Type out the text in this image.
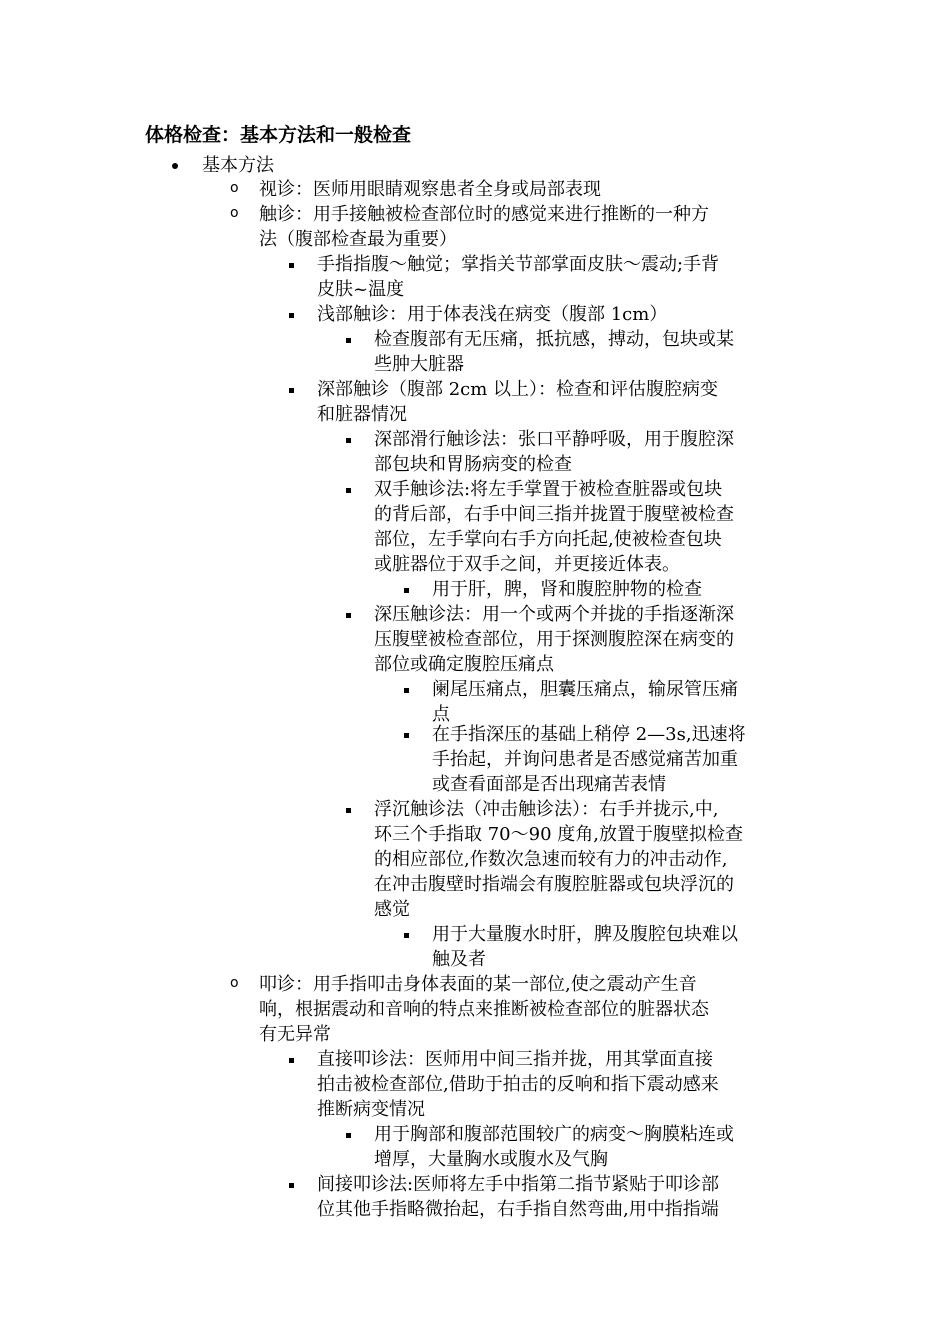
体格检查：基本方法和一般检查
基本方法
o 视诊：医师用眼睛观察患者全身或局部表现
o 触诊：用手接触被检查部位时的感觉来进行推断的一种方
法（腹部检查最为重要）
手指指腹～触觉；掌指关节部掌面皮肤～震动;手背
皮肤~温度
浅部触诊：用于体表浅在病变（腹部 1cm）
检查腹部有无压痛，抵抗感，搏动，包块或某
些肿大脏器
深部触诊（腹部 2cm 以上）：检查和评估腹腔病变
和脏器情况
深部滑行触诊法：张口平静呼吸，用于腹腔深
部包块和胃肠病变的检查
双手触诊法:将左手掌置于被检查脏器或包块
的背后部，右手中间三指并拢置于腹壁被检查
部位，左手掌向右手方向托起,使被检查包块
或脏器位于双手之间，并更接近体表。
用于肝，脾，肾和腹腔肿物的检查
深压触诊法：用一个或两个并拢的手指逐渐深
压腹壁被检查部位，用于探测腹腔深在病变的
部位或确定腹腔压痛点
阑尾压痛点，胆囊压痛点，输尿管压痛
点
在手指深压的基础上稍停 2—3s,迅速将
手抬起，并询问患者是否感觉痛苦加重
或查看面部是否出现痛苦表情
浮沉触诊法（冲击触诊法）：右手并拢示,中,
环三个手指取 70～90 度角,放置于腹壁拟检查
的相应部位,作数次急速而较有力的冲击动作,
在冲击腹壁时指端会有腹腔脏器或包块浮沉的
感觉
用于大量腹水时肝，脾及腹腔包块难以
触及者
o 叩诊：用手指叩击身体表面的某一部位,使之震动产生音
响，根据震动和音响的特点来推断被检查部位的脏器状态
有无异常
直接叩诊法：医师用中间三指并拢，用其掌面直接
拍击被检查部位,借助于拍击的反响和指下震动感来
推断病变情况
用于胸部和腹部范围较广的病变～胸膜粘连或
增厚，大量胸水或腹水及气胸
间接叩诊法:医师将左手中指第二指节紧贴于叩诊部
位其他手指略微抬起，右手指自然弯曲,用中指指端
